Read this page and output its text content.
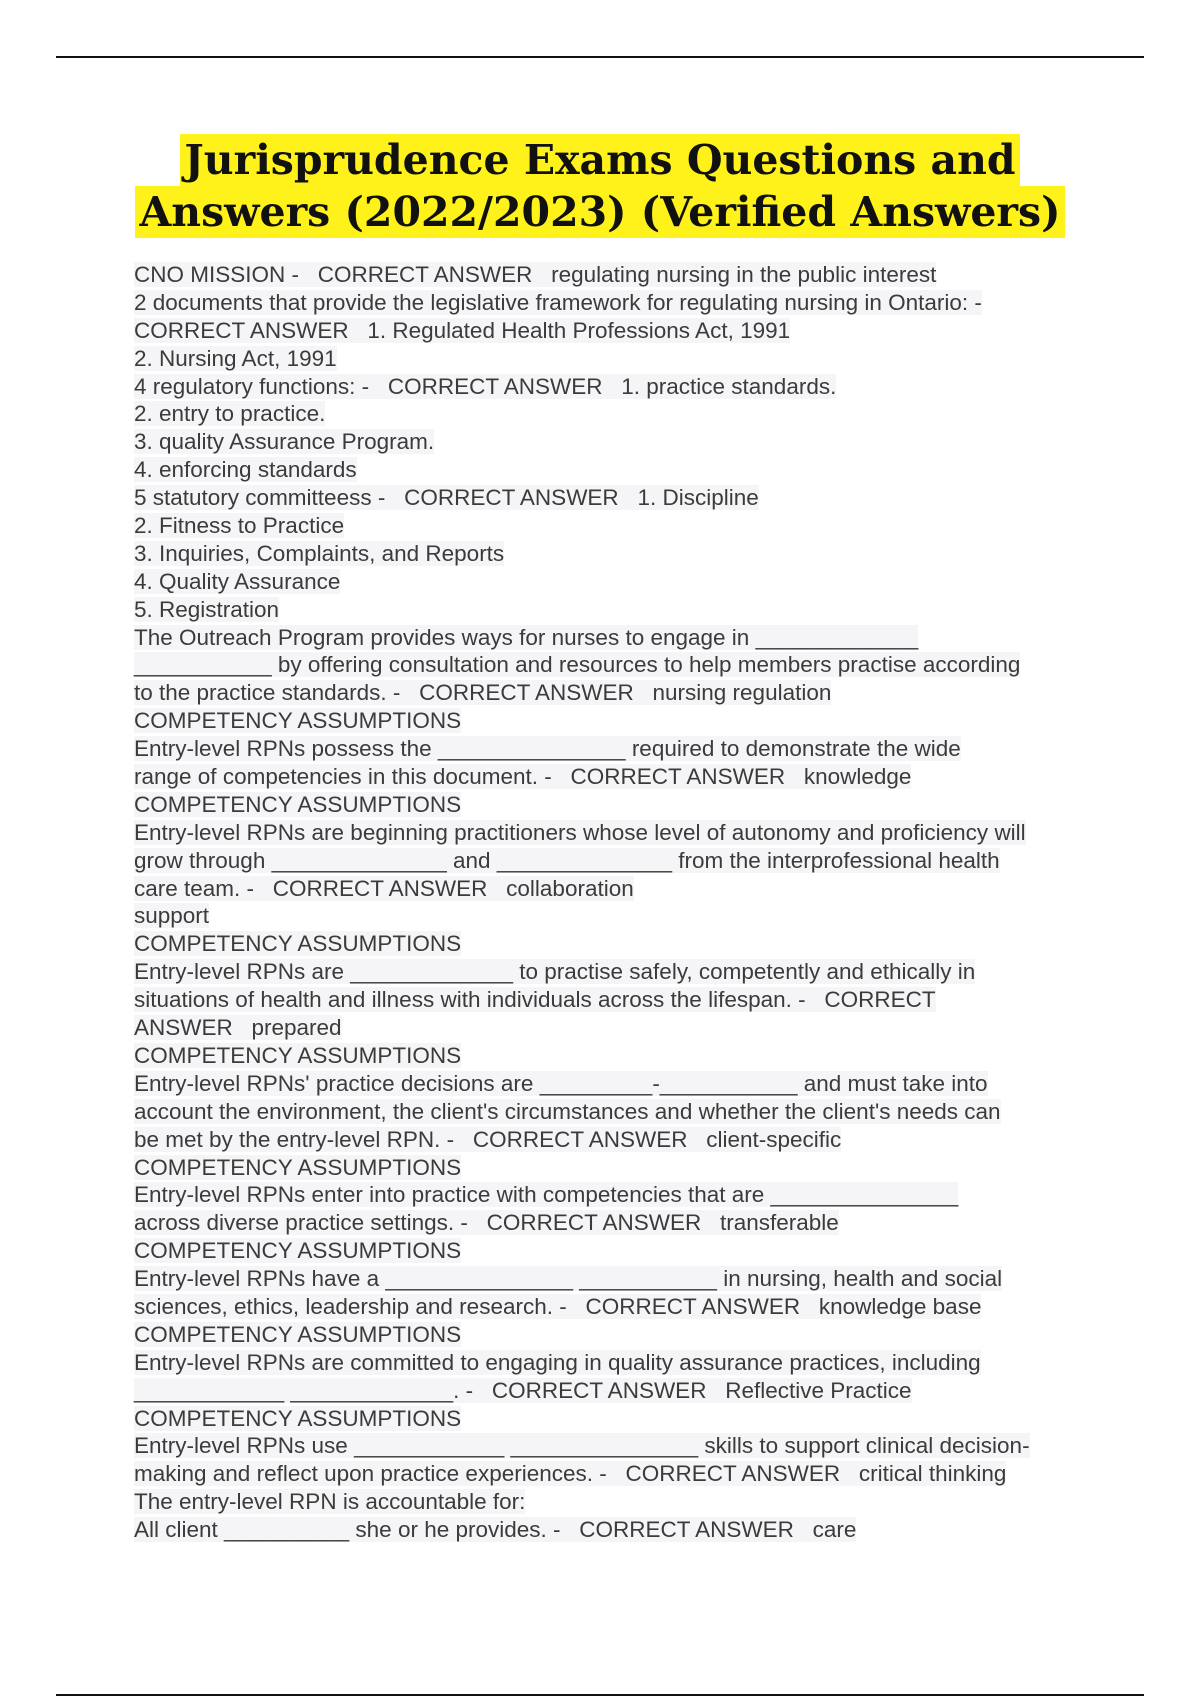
Jurisprudence Exams Questions and
Answers (2022/2023) (Verified Answers)
CNO MISSION -   CORRECT ANSWER   regulating nursing in the public interest
2 documents that provide the legislative framework for regulating nursing in Ontario: -
CORRECT ANSWER   1. Regulated Health Professions Act, 1991
2. Nursing Act, 1991
4 regulatory functions: -   CORRECT ANSWER   1. practice standards.
2. entry to practice.
3. quality Assurance Program.
4. enforcing standards
5 statutory committeess -   CORRECT ANSWER   1. Discipline
2. Fitness to Practice
3. Inquiries, Complaints, and Reports
4. Quality Assurance
5. Registration
The Outreach Program provides ways for nurses to engage in _____________
___________ by offering consultation and resources to help members practise according
to the practice standards. -   CORRECT ANSWER   nursing regulation
COMPETENCY ASSUMPTIONS
Entry-level RPNs possess the _______________ required to demonstrate the wide
range of competencies in this document. -   CORRECT ANSWER   knowledge
COMPETENCY ASSUMPTIONS
Entry-level RPNs are beginning practitioners whose level of autonomy and proficiency will
grow through ______________ and ______________ from the interprofessional health
care team. -   CORRECT ANSWER   collaboration
support
COMPETENCY ASSUMPTIONS
Entry-level RPNs are _____________ to practise safely, competently and ethically in
situations of health and illness with individuals across the lifespan. -   CORRECT
ANSWER   prepared
COMPETENCY ASSUMPTIONS
Entry-level RPNs' practice decisions are _________-___________ and must take into
account the environment, the client's circumstances and whether the client's needs can
be met by the entry-level RPN. -   CORRECT ANSWER   client-specific
COMPETENCY ASSUMPTIONS
Entry-level RPNs enter into practice with competencies that are _______________
across diverse practice settings. -   CORRECT ANSWER   transferable
COMPETENCY ASSUMPTIONS
Entry-level RPNs have a _______________ ___________ in nursing, health and social
sciences, ethics, leadership and research. -   CORRECT ANSWER   knowledge base
COMPETENCY ASSUMPTIONS
Entry-level RPNs are committed to engaging in quality assurance practices, including
____________ _____________. -   CORRECT ANSWER   Reflective Practice
COMPETENCY ASSUMPTIONS
Entry-level RPNs use ____________ _______________ skills to support clinical decision-
making and reflect upon practice experiences. -   CORRECT ANSWER   critical thinking
The entry-level RPN is accountable for:
All client __________ she or he provides. -   CORRECT ANSWER   care
